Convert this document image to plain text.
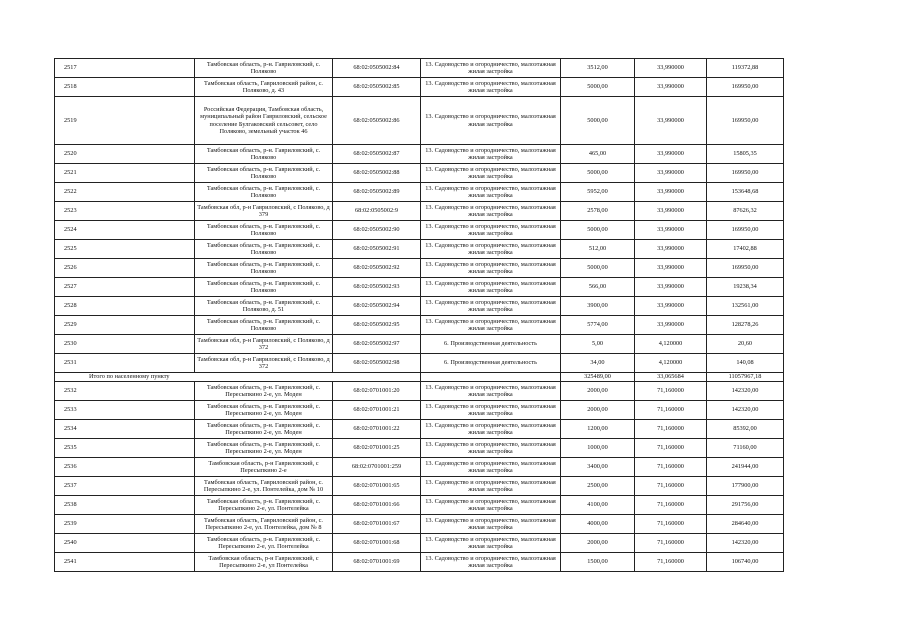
2517	Тамбовская область, р-н. Гавриловский, с. Поляково	68:02:0505002:84	13. Садоводство и огородничество, малоэтажная жилая застройка	3512,00	33,990000	119372,88
2518	Тамбовская область, Гавриловский район, с. Поляково, д. 43	68:02:0505002:85	13. Садоводство и огородничество, малоэтажная жилая застройка	5000,00	33,990000	169950,00
2519	Российская Федерация, Тамбовская область, муниципальный район Гавриловский, сельское поселение Булгаковский сельсовет, село Поляково, земельный участок 46	68:02:0505002:86	13. Садоводство и огородничество, малоэтажная жилая застройка	5000,00	33,990000	169950,00
2520	Тамбовская область, р-н. Гавриловский, с. Поляково	68:02:0505002:87	13. Садоводство и огородничество, малоэтажная жилая застройка	465,00	33,990000	15805,35
2521	Тамбовская область, р-н. Гавриловский, с. Поляково	68:02:0505002:88	13. Садоводство и огородничество, малоэтажная жилая застройка	5000,00	33,990000	169950,00
2522	Тамбовская область, р-н. Гавриловский, с. Поляково	68:02:0505002:89	13. Садоводство и огородничество, малоэтажная жилая застройка	5952,00	33,990000	153648,68
2523	Тамбовская обл, р-н Гавриловский, с Поляково, д 379	68:02:0505002:9	13. Садоводство и огородничество, малоэтажная жилая застройка	2578,00	33,990000	87626,32
2524	Тамбовская область, р-н. Гавриловский, с. Поляково	68:02:0505002:90	13. Садоводство и огородничество, малоэтажная жилая застройка	5000,00	33,990000	169950,00
2525	Тамбовская область, р-н. Гавриловский, с. Поляково	68:02:0505002:91	13. Садоводство и огородничество, малоэтажная жилая застройка	512,00	33,990000	17402,88
2526	Тамбовская область, р-н. Гавриловский, с. Поляково	68:02:0505002:92	13. Садоводство и огородничество, малоэтажная жилая застройка	5000,00	33,990000	169950,00
2527	Тамбовская область, р-н. Гавриловский, с. Поляково	68:02:0505002:93	13. Садоводство и огородничество, малоэтажная жилая застройка	566,00	33,990000	19238,34
2528	Тамбовская область, р-н. Гавриловский, с. Поляково, д. 51	68:02:0505002:94	13. Садоводство и огородничество, малоэтажная жилая застройка	3900,00	33,990000	132561,00
2529	Тамбовская область, р-н. Гавриловский, с. Поляково	68:02:0505002:95	13. Садоводство и огородничество, малоэтажная жилая застройка	5774,00	33,990000	128278,26
2530	Тамбовская обл, р-н Гавриловский, с Поляково, д 372	68:02:0505002:97	6. Производственная деятельность	5,00	4,120000	20,60
2531	Тамбовская обл, р-н Гавриловский, с Поляково, д 372	68:02:0505002:98	6. Производственная деятельность	34,00	4,120000	140,08
Итого по населенному пункту				325489,00	33,065684	11057967,18
2532	Тамбовская область, р-н. Гавриловский, с. Пересыпкино 2-е, ул. Моден	68:02:0701001:20	13. Садоводство и огородничество, малоэтажная жилая застройка	2000,00	71,160000	142320,00
2533	Тамбовская область, р-н. Гавриловский, с. Пересыпкино 2-е, ул. Моден	68:02:0701001:21	13. Садоводство и огородничество, малоэтажная жилая застройка	2000,00	71,160000	142320,00
2534	Тамбовская область, р-н. Гавриловский, с. Пересыпкино 2-е, ул. Моден	68:02:0701001:22	13. Садоводство и огородничество, малоэтажная жилая застройка	1200,00	71,160000	85392,00
2535	Тамбовская область, р-н. Гавриловский, с. Пересыпкино 2-е, ул. Моден	68:02:0701001:25	13. Садоводство и огородничество, малоэтажная жилая застройка	1000,00	71,160000	71160,00
2536	Тамбовская область, р-н Гавриловский, с Пересыпкино 2-е	68:02:0701001:259	13. Садоводство и огородничество, малоэтажная жилая застройка	3400,00	71,160000	241944,00
2537	Тамбовская область, Гавриловский район, с. Пересыпкино 2-е, ул. Понтелейка, дом № 10	68:02:0701001:65	13. Садоводство и огородничество, малоэтажная жилая застройка	2500,00	71,160000	177900,00
2538	Тамбовская область, р-н. Гавриловский, с. Пересыпкино 2-е, ул. Понтелейка	68:02:0701001:66	13. Садоводство и огородничество, малоэтажная жилая застройка	4100,00	71,160000	291756,00
2539	Тамбовская область, Гавриловский район, с. Пересыпкино 2-е, ул. Понтелейка, дом № 8	68:02:0701001:67	13. Садоводство и огородничество, малоэтажная жилая застройка	4000,00	71,160000	284640,00
2540	Тамбовская область, р-н. Гавриловский, с. Пересыпкино 2-е, ул. Понтелейка	68:02:0701001:68	13. Садоводство и огородничество, малоэтажная жилая застройка	2000,00	71,160000	142320,00
2541	Тамбовская область, р-н Гавриловский, с Пересыпкино 2-е, ул Понтелейка	68:02:0701001:69	13. Садоводство и огородничество, малоэтажная жилая застройка	1500,00	71,160000	106740,00
